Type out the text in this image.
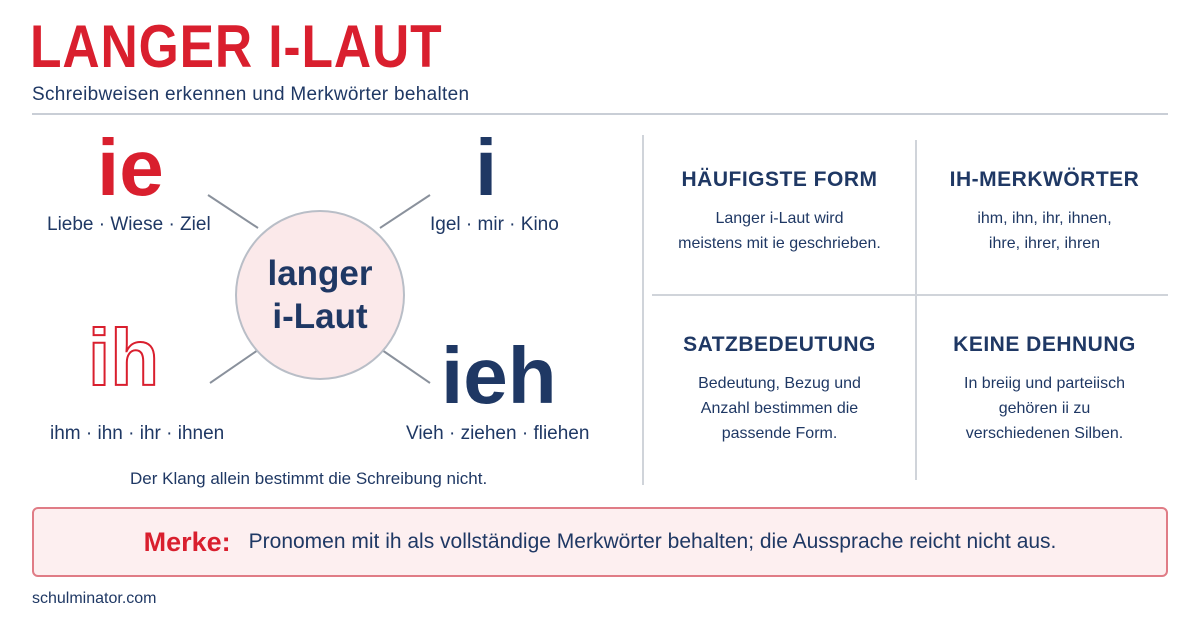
LANGER I-LAUT
Schreibweisen erkennen und Merkwörter behalten
ie
Liebe · Wiese · Ziel
i
Igel · mir · Kino
ih
ihm · ihn · ihr · ihnen
ieh
Vieh · ziehen · fliehen
langer
i-Laut
Der Klang allein bestimmt die Schreibung nicht.
HÄUFIGSTE FORM
Langer i-Laut wird
meistens mit ie geschrieben.
IH-MERKWÖRTER
ihm, ihn, ihr, ihnen,
ihre, ihrer, ihren
SATZBEDEUTUNG
Bedeutung, Bezug und
Anzahl bestimmen die
passende Form.
KEINE DEHNUNG
In breiig und parteiisch
gehören ii zu
verschiedenen Silben.
Merke: Pronomen mit ih als vollständige Merkwörter behalten; die Aussprache reicht nicht aus.
schulminator.com
